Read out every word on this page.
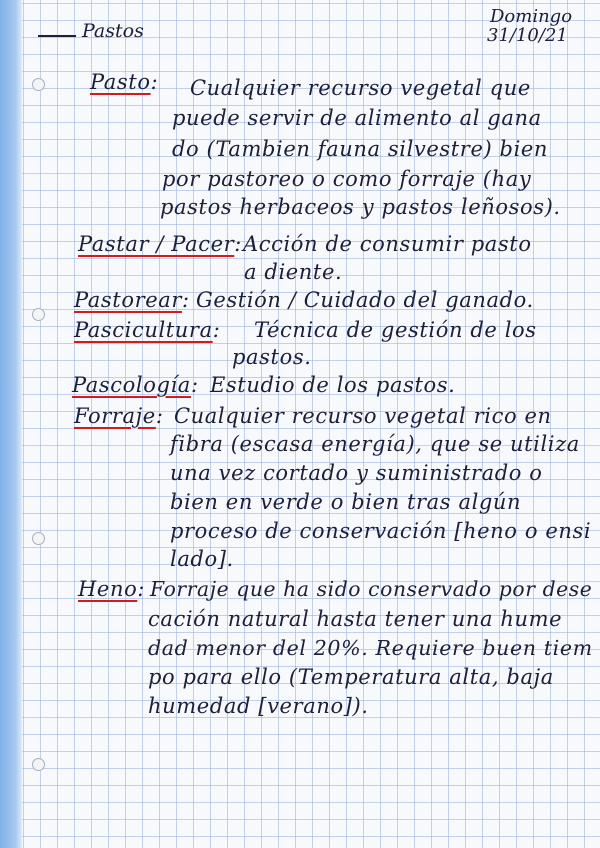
Pastos

Domingo

31/10/21

Pasto: Cualquier recurso vegetal que

puede servir de alimento al gana

do (Tambien fauna silvestre) bien

por pastoreo o como forraje (hay

pastos herbaceos y pastos leñosos).

Pastar / Pacer: Acción de consumir pasto

a diente.

Pastorear: Gestión / Cuidado del ganado.

Pascicultura: Técnica de gestión de los

pastos.

Pascología: Estudio de los pastos.

Forraje: Cualquier recurso vegetal rico en

fibra (escasa energía), que se utiliza

una vez cortado y suministrado o

bien en verde o bien tras algún

proceso de conservación [heno o ensi

lado].

Heno: Forraje que ha sido conservado por dese

cación natural hasta tener una hume

dad menor del 20%. Requiere buen tiem

po para ello (Temperatura alta, baja

humedad [verano]).
